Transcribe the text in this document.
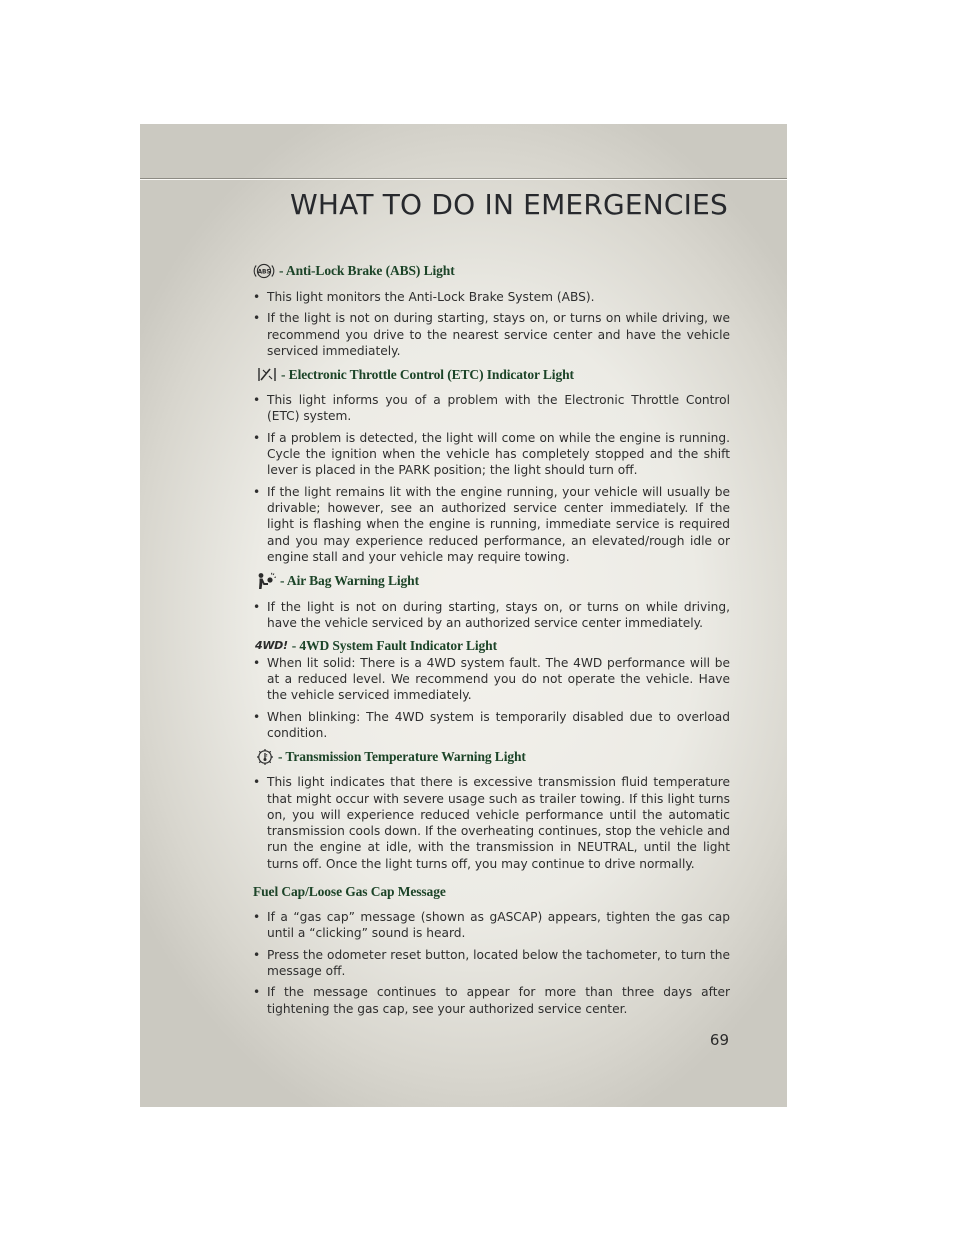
WHAT TO DO IN EMERGENCIES
ABS - Anti-Lock Brake (ABS) Light
• This light monitors the Anti-Lock Brake System (ABS).
• If the light is not on during starting, stays on, or turns on while driving, we recommend you drive to the nearest service center and have the vehicle serviced immediately.
- Electronic Throttle Control (ETC) Indicator Light
• This light informs you of a problem with the Electronic Throttle Control (ETC) system.
• If a problem is detected, the light will come on while the engine is running. Cycle the ignition when the vehicle has completely stopped and the shift lever is placed in the PARK position; the light should turn off.
• If the light remains lit with the engine running, your vehicle will usually be drivable; however, see an authorized service center immediately. If the light is flashing when the engine is running, immediate service is required and you may experience reduced performance, an elevated/rough idle or engine stall and your vehicle may require towing.
- Air Bag Warning Light
• If the light is not on during starting, stays on, or turns on while driving, have the vehicle serviced by an authorized service center immediately.
4WD! - 4WD System Fault Indicator Light
• When lit solid: There is a 4WD system fault. The 4WD performance will be at a reduced level. We recommend you do not operate the vehicle. Have the vehicle serviced immediately.
• When blinking: The 4WD system is temporarily disabled due to overload condition.
- Transmission Temperature Warning Light
• This light indicates that there is excessive transmission fluid temperature that might occur with severe usage such as trailer towing. If this light turns on, you will experience reduced vehicle performance until the automatic transmission cools down. If the overheating continues, stop the vehicle and run the engine at idle, with the transmission in NEUTRAL, until the light turns off. Once the light turns off, you may continue to drive normally.
Fuel Cap/Loose Gas Cap Message
• If a “gas cap” message (shown as gASCAP) appears, tighten the gas cap until a “clicking” sound is heard.
• Press the odometer reset button, located below the tachometer, to turn the message off.
• If the message continues to appear for more than three days after tightening the gas cap, see your authorized service center.
69
